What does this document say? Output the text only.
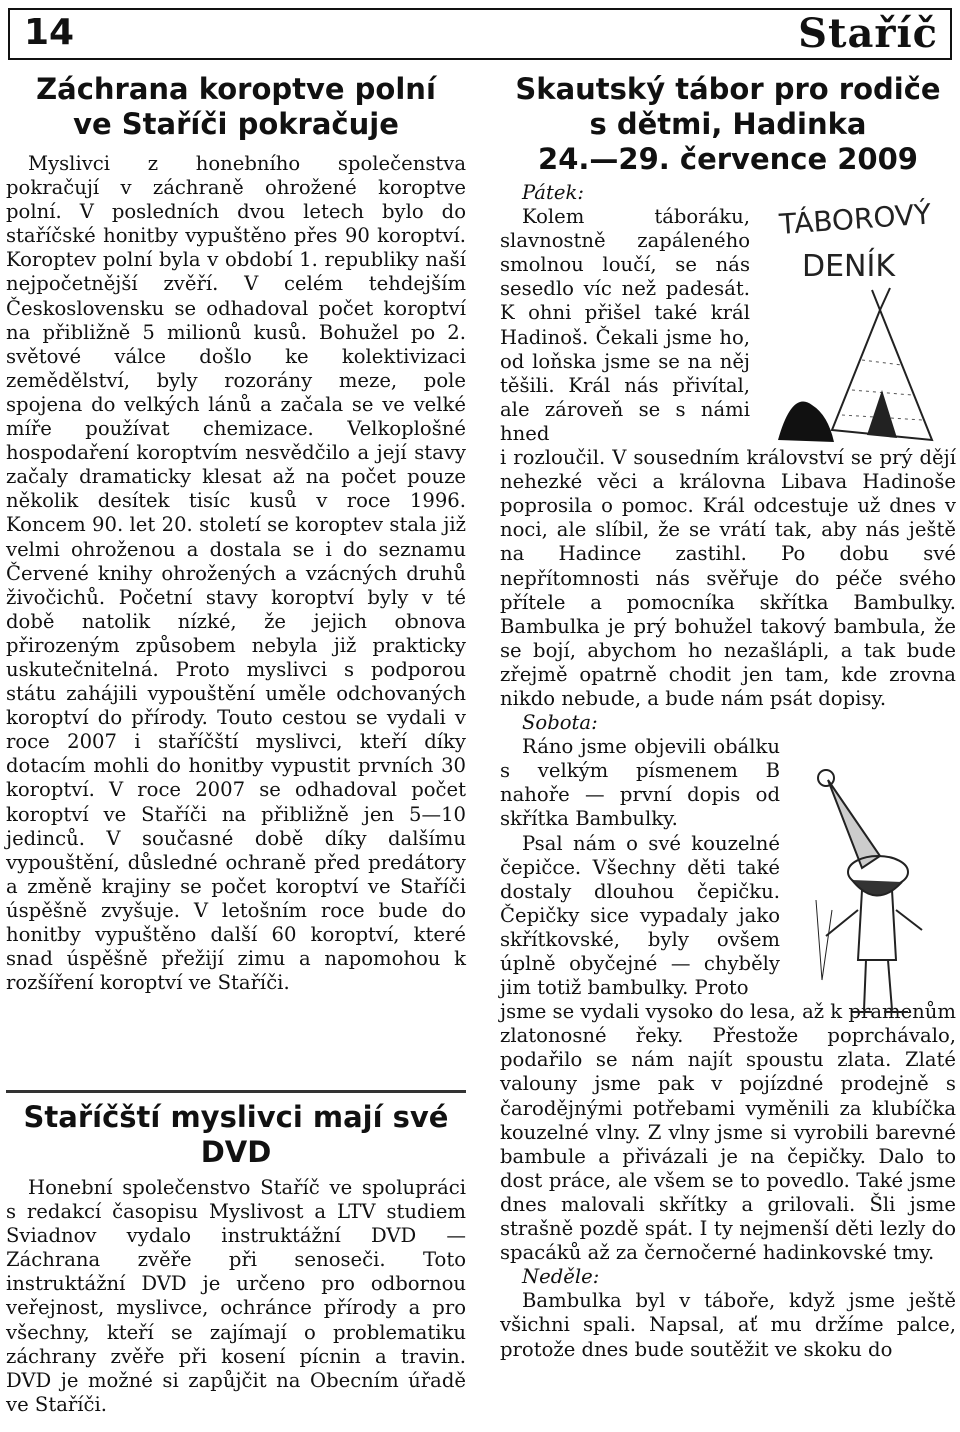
14	Staříč
Záchrana koroptve polní
ve Staříči pokračuje

Myslivci z honebního společenstva pokračují v záchraně ohrožené koroptve polní. V posledních dvou letech bylo do staříčské honitby vypuštěno přes 90 koroptví. Koroptev polní byla v období 1. republiky naší nejpočetnější zvěří. V celém tehdejším Československu se odhadoval počet koroptví na přibližně 5 milionů kusů. Bohužel po 2. světové válce došlo ke kolektivizaci zemědělství, byly rozorány meze, pole spojena do velkých lánů a začala se ve velké míře používat chemizace. Velkoplošné hospodaření koroptvím nesvědčilo a její stavy začaly dramaticky klesat až na počet pouze několik desítek tisíc kusů v roce 1996. Koncem 90. let 20. století se koroptev stala již velmi ohroženou a dostala se i do seznamu Červené knihy ohrožených a vzácných druhů živočichů. Početní stavy koroptví byly v té době natolik nízké, že jejich obnova přirozeným způsobem nebyla již prakticky uskutečnitelná. Proto myslivci s podporou státu zahájili vypouštění uměle odchovaných koroptví do přírody. Touto cestou se vydali v roce 2007 i staříčští myslivci, kteří díky dotacím mohli do honitby vypustit prvních 30 koroptví. V roce 2007 se odhadoval počet koroptví ve Staříči na přibližně jen 5—10 jedinců. V současné době díky dalšímu vypouštění, důsledné ochraně před predátory a změně krajiny se počet koroptví ve Staříči úspěšně zvyšuje. V letošním roce bude do honitby vypuštěno další 60 koroptví, které snad úspěšně přežijí zimu a napomohou k rozšíření koroptví ve Staříči.

Staříčští myslivci mají své
DVD

Honební společenstvo Staříč ve spolupráci s redakcí časopisu Myslivost a LTV studiem Sviadnov vydalo instruktážní DVD — Záchrana zvěře při senoseči. Toto instruktážní DVD je určeno pro odbornou veřejnost, myslivce, ochránce přírody a pro všechny, kteří se zajímají o problematiku záchrany zvěře při kosení pícnin a travin. DVD je možné si zapůjčit na Obecním úřadě ve Staříči.

Skautský tábor pro rodiče
s dětmi, Hadinka
24.—29. července 2009
Pátek:
Kolem táboráku, slavnostně zapáleného smolnou loučí, se nás sesedlo víc než padesát. K ohni přišel také král Hadinoš. Čekali jsme ho, od loňska jsme se na něj těšili. Král nás přivítal, ale zároveň se s námi hned

i rozloučil. V sousedním království se prý dějí nehezké věci a královna Libava Hadinoše poprosila o pomoc. Král odcestuje už dnes v noci, ale slíbil, že se vrátí tak, aby nás ještě na Hadince zastihl. Po dobu své nepřítomnosti nás svěřuje do péče svého přítele a pomocníka skřítka Bambulky. Bambulka je prý bohužel takový bambula, že se bojí, abychom ho nezašlápli, a tak bude zřejmě opatrně chodit jen tam, kde zrovna nikdo nebude, a bude nám psát dopisy.

Sobota:
Ráno jsme objevili obálku s velkým písmenem B nahoře — první dopis od skřítka Bambulky.
Psal nám o své kouzelné čepičce. Všechny děti také dostaly dlouhou čepičku. Čepičky sice vypadaly jako skřítkovské, byly ovšem úplně obyčejné — chyběly jim totiž bambulky. Proto

jsme se vydali vysoko do lesa, až k pramenům zlatonosné řeky. Přestože poprchávalo, podařilo se nám najít spoustu zlata. Zlaté valouny jsme pak v pojízdné prodejně s čarodějnými potřebami vyměnili za klubíčka kouzelné vlny. Z vlny jsme si vyrobili barevné bambule a přivázali je na čepičky. Dalo to dost práce, ale všem se to povedlo. Také jsme dnes malovali skřítky a grilovali. Šli jsme strašně pozdě spát. I ty nejmenší děti lezly do spacáků až za černočerné hadinkovské tmy.

Neděle:

Bambulka byl v táboře, když jsme ještě všichni spali. Napsal, ať mu držíme palce, protože dnes bude soutěžit ve skoku do

TÁBOROVÝ
DENÍK
